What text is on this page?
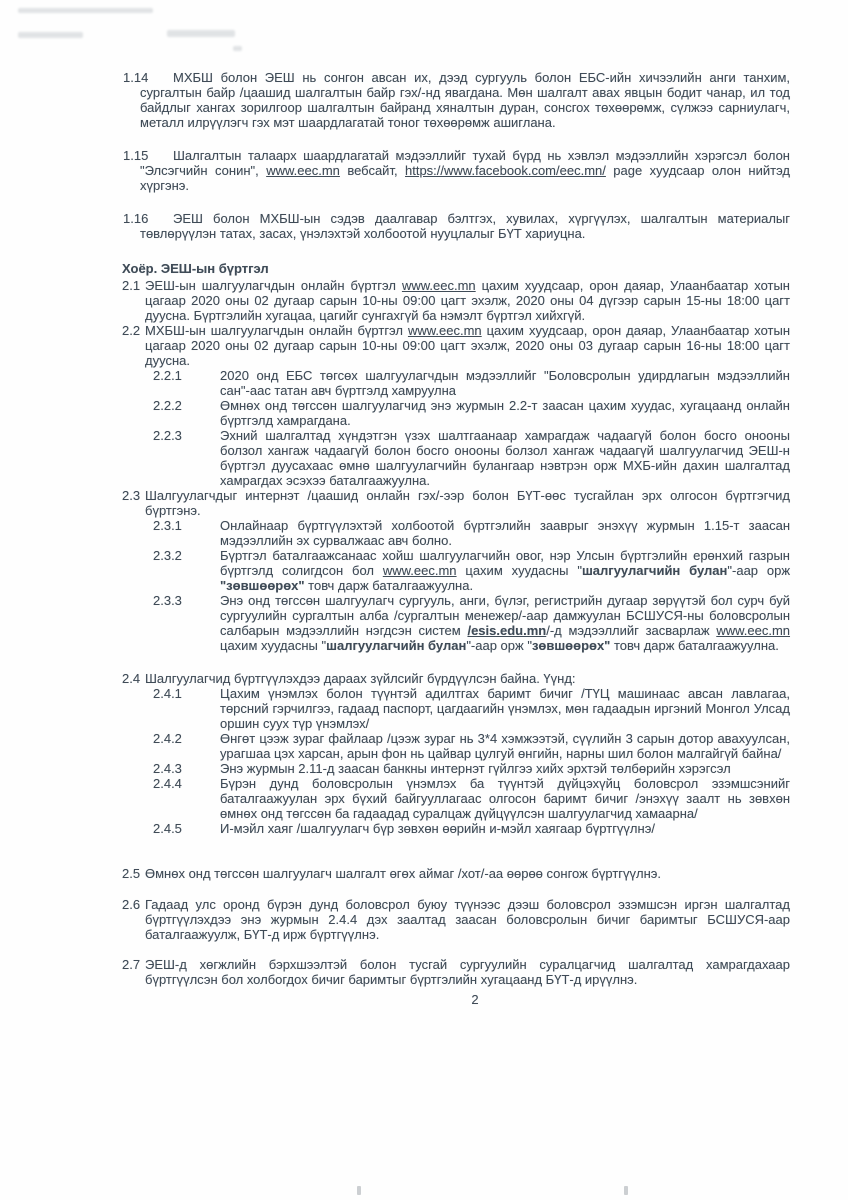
1.14 МХБШ болон ЭЕШ нь сонгон авсан их, дээд сургууль болон ЕБС-ийн хичээлийн анги танхим, сургалтын байр /цаашид шалгалтын байр гэх/-нд явагдана. Мөн шалгалт авах явцын бодит чанар, ил тод байдлыг хангах зорилгоор шалгалтын байранд хяналтын дуран, сонсгох төхөөрөмж, сүлжээ сарниулагч, металл илрүүлэгч гэх мэт шаардлагатай тоног төхөөрөмж ашиглана.
1.15 Шалгалтын талаарх шаардлагатай мэдээллийг тухай бүрд нь хэвлэл мэдээллийн хэрэгсэл болон "Элсэгчийн сонин", www.eec.mn вебсайт, https://www.facebook.com/eec.mn/ page хуудсаар олон нийтэд хүргэнэ.
1.16 ЭЕШ болон МХБШ-ын сэдэв даалгавар бэлтгэх, хувилах, хүргүүлэх, шалгалтын материалыг төвлөрүүлэн татах, засах, үнэлэхтэй холбоотой нууцлалыг БҮТ хариуцна.
Хоёр. ЭЕШ-ын бүртгэл
2.1 ЭЕШ-ын шалгуулагчдын онлайн бүртгэл www.eec.mn цахим хуудсаар, орон даяар, Улаанбаатар хотын цагаар 2020 оны 02 дугаар сарын 10-ны 09:00 цагт эхэлж, 2020 оны 04 дүгээр сарын 15-ны 18:00 цагт дуусна. Бүртгэлийн хугацаа, цагийг сунгахгүй ба нэмэлт бүртгэл хийхгүй.
2.2 МХБШ-ын шалгуулагчдын онлайн бүртгэл www.eec.mn цахим хуудсаар, орон даяар, Улаанбаатар хотын цагаар 2020 оны 02 дугаар сарын 10-ны 09:00 цагт эхэлж, 2020 оны 03 дугаар сарын 16-ны 18:00 цагт дуусна.
2.2.1	2020 онд ЕБС төгсөх шалгуулагчдын мэдээллийг "Боловсролын удирдлагын мэдээллийн сан"-аас татан авч бүртгэлд хамруулна
2.2.2	Өмнөх онд төгссөн шалгуулагчид энэ журмын 2.2-т заасан цахим хуудас, хугацаанд онлайн бүртгэлд хамрагдана.
2.2.3	Эхний шалгалтад хүндэтгэн үзэх шалтгаанаар хамрагдаж чадаагүй болон босго онооны болзол хангаж чадаагүй болон босго онооны болзол хангаж чадаагүй шалгуулагчид ЭЕШ-н бүртгэл дуусахаас өмнө шалгуулагчийн булангаар нэвтрэн орж МХБ-ийн дахин шалгалтад хамрагдах эсэхээ баталгаажуулна.
2.3 Шалгуулагчдыг интернэт /цаашид онлайн гэх/-ээр болон БҮТ-өөс тусгайлан эрх олгосон бүртгэгчид бүртгэнэ.
2.3.1	Онлайнаар бүртгүүлэхтэй холбоотой бүртгэлийн зааврыг энэхүү журмын 1.15-т заасан мэдээллийн эх сурвалжаас авч болно.
2.3.2	Бүртгэл баталгаажсанаас хойш шалгуулагчийн овог, нэр Улсын бүртгэлийн ерөнхий газрын бүртгэлд солигдсон бол www.eec.mn цахим хуудасны "шалгуулагчийн булан"-аар орж "зөвшөөрөх" товч дарж баталгаажуулна.
2.3.3	Энэ онд төгссөн шалгуулагч сургууль, анги, бүлэг, регистрийн дугаар зөрүүтэй бол сурч буй сургуулийн сургалтын алба /сургалтын менежер/-аар дамжуулан БСШУСЯ-ны боловсролын салбарын мэдээллийн нэгдсэн систем /esis.edu.mn/-д мэдээллийг засварлаж www.eec.mn цахим хуудасны "шалгуулагчийн булан"-аар орж "зөвшөөрөх" товч дарж баталгаажуулна.
2.4 Шалгуулагчид бүртгүүлэхдээ дараах зүйлсийг бүрдүүлсэн байна. Үүнд:
2.4.1	Цахим үнэмлэх болон түүнтэй адилтгах баримт бичиг /ТҮЦ машинаас авсан лавлагаа, төрсний гэрчилгээ, гадаад паспорт, цагдаагийн үнэмлэх, мөн гадаадын иргэний Монгол Улсад оршин суух түр үнэмлэх/
2.4.2	Өнгөт цээж зураг файлаар /цээж зураг нь 3*4 хэмжээтэй, сүүлийн 3 сарын дотор авахуулсан, урагшаа цэх харсан, арын фон нь цайвар цулгуй өнгийн, нарны шил болон малгайгүй байна/
2.4.3	Энэ журмын 2.11-д заасан банкны интернэт гүйлгээ хийх эрхтэй төлбөрийн хэрэгсэл
2.4.4	Бүрэн дунд боловсролын үнэмлэх ба түүнтэй дүйцэхүйц боловсрол эзэмшсэнийг баталгаажуулан эрх бүхий байгууллагаас олгосон баримт бичиг /энэхүү заалт нь зөвхөн өмнөх онд төгссөн ба гадаадад суралцаж дүйцүүлсэн шалгуулагчид хамаарна/
2.4.5	И-мэйл хаяг /шалгуулагч бүр зөвхөн өөрийн и-мэйл хаягаар бүртгүүлнэ/
2.5 Өмнөх онд төгссөн шалгуулагч шалгалт өгөх аймаг /хот/-аа өөрөө сонгож бүртгүүлнэ.
2.6 Гадаад улс оронд бүрэн дунд боловсрол буюу түүнээс дээш боловсрол эзэмшсэн иргэн шалгалтад бүртгүүлэхдээ энэ журмын 2.4.4 дэх заалтад заасан боловсролын бичиг баримтыг БСШУСЯ-аар баталгаажуулж, БҮТ-д ирж бүртгүүлнэ.
2.7 ЭЕШ-д хөгжлийн бэрхшээлтэй болон тусгай сургуулийн суралцагчид шалгалтад хамрагдахаар бүртгүүлсэн бол холбогдох бичиг баримтыг бүртгэлийн хугацаанд БҮТ-д ирүүлнэ.
2
